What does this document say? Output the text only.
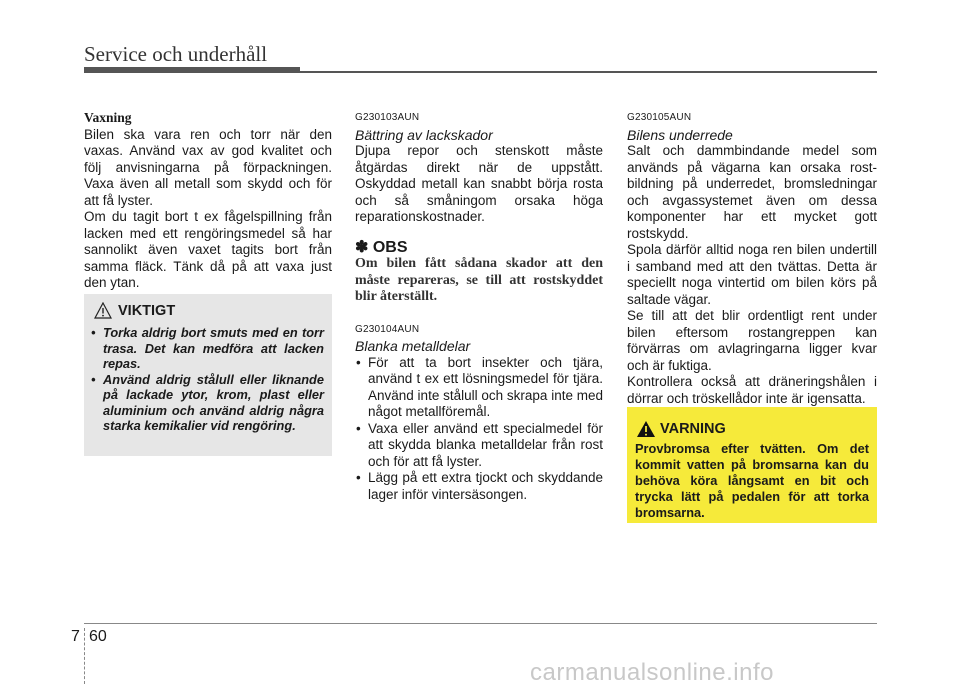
Service och underhåll

Vaxning

Bilen ska vara ren och torr när den vaxas. Använd vax av god kvalitet och följ anvisningarna på förpackningen. Vaxa även all metall som skydd och för att få lyster.

Om du tagit bort t ex fågelspillning från lacken med ett rengöringsmedel så har sannolikt även vaxet tagits bort från samma fläck. Tänk då på att vaxa just den ytan.

VIKTIGT
• Torka aldrig bort smuts med en torr trasa. Det kan medföra att lacken repas.
• Använd aldrig stålull eller liknande på lackade ytor, krom, plast eller aluminium och använd aldrig några starka kemikalier vid rengöring.

G230103AUN

Bättring av lackskador

Djupa repor och stenskott måste åtgärdas direkt när de uppstått. Oskyddad metall kan snabbt börja rosta och så småningom orsaka höga reparationskostnader.

✽ OBS

Om bilen fått sådana skador att den måste repareras, se till att rostskyddet blir återställt.

G230104AUN

Blanka metalldelar

• För att ta bort insekter och tjära, använd t ex ett lösningsmedel för tjära. Använd inte stålull och skrapa inte med något metallföremål.
• Vaxa eller använd ett specialmedel för att skydda blanka metalldelar från rost och för att få lyster.
• Lägg på ett extra tjockt och skyddande lager inför vintersäsongen.

G230105AUN

Bilens underrede

Salt och dammbindande medel som används på vägarna kan orsaka rost-bildning på underredet, bromsledningar och avgassystemet även om dessa komponenter har ett mycket gott rostskydd.

Spola därför alltid noga ren bilen undertill i samband med att den tvättas. Detta är speciellt noga vintertid om bilen körs på saltade vägar.

Se till att det blir ordentligt rent under bilen eftersom rostangreppen kan förvärras om avlagringarna ligger kvar och är fuktiga.

Kontrollera också att dräneringshålen i dörrar och tröskellådor inte är igensatta.

VARNING
Provbromsa efter tvätten. Om det kommit vatten på bromsarna kan du behöva köra långsamt en bit och trycka lätt på pedalen för att torka bromsarna.
7 60
carmanualsonline.info
